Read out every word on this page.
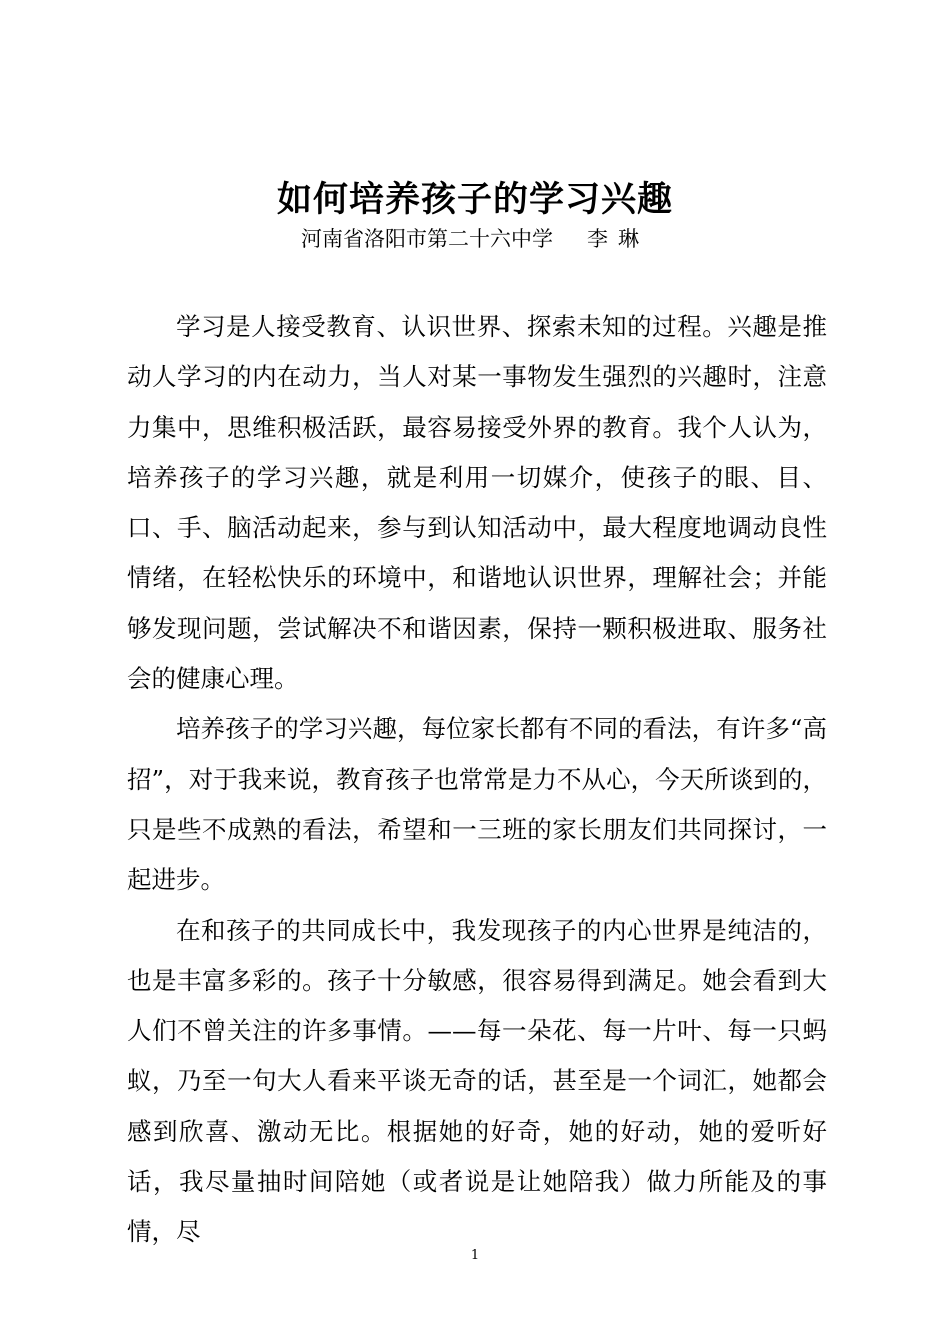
如何培养孩子的学习兴趣
河南省洛阳市第二十六中学 李琳

学习是人接受教育、认识世界、探索未知的过程。兴趣是推动人学习的内在动力，当人对某一事物发生强烈的兴趣时，注意力集中，思维积极活跃，最容易接受外界的教育。我个人认为，培养孩子的学习兴趣，就是利用一切媒介，使孩子的眼、目、口、手、脑活动起来，参与到认知活动中，最大程度地调动良性情绪，在轻松快乐的环境中，和谐地认识世界，理解社会；并能够发现问题，尝试解决不和谐因素，保持一颗积极进取、服务社会的健康心理。

培养孩子的学习兴趣，每位家长都有不同的看法，有许多“高招”，对于我来说，教育孩子也常常是力不从心，今天所谈到的，只是些不成熟的看法，希望和一三班的家长朋友们共同探讨，一起进步。

在和孩子的共同成长中，我发现孩子的内心世界是纯洁的，也是丰富多彩的。孩子十分敏感，很容易得到满足。她会看到大人们不曾关注的许多事情。——每一朵花、每一片叶、每一只蚂蚁，乃至一句大人看来平谈无奇的话，甚至是一个词汇，她都会感到欣喜、激动无比。根据她的好奇，她的好动，她的爱听好话，我尽量抽时间陪她（或者说是让她陪我）做力所能及的事情，尽

1
